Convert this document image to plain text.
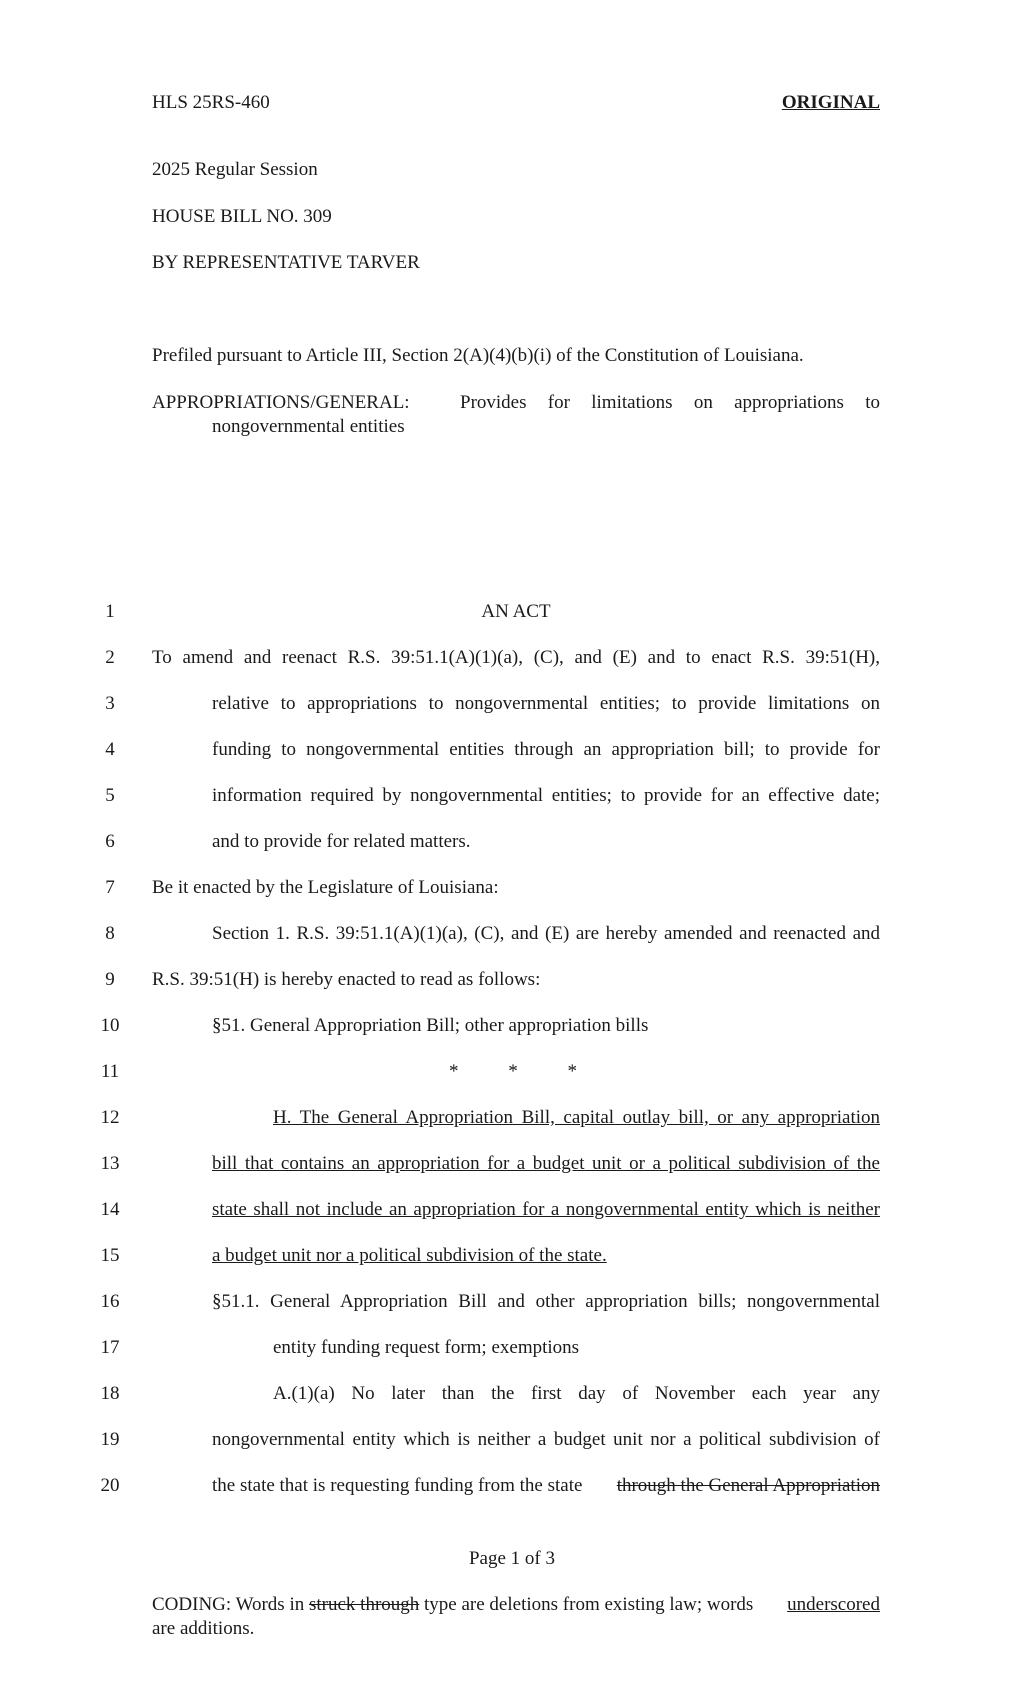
HLS 25RS-460	ORIGINAL
2025 Regular Session
HOUSE BILL NO. 309
BY REPRESENTATIVE TARVER
Prefiled pursuant to Article III, Section 2(A)(4)(b)(i) of the Constitution of Louisiana.
APPROPRIATIONS/GENERAL:	Provides for limitations on appropriations to
nongovernmental entities
1	AN ACT
2	To amend and reenact R.S. 39:51.1(A)(1)(a), (C), and (E) and to enact R.S. 39:51(H),
3	relative to appropriations to nongovernmental entities; to provide limitations on
4	funding to nongovernmental entities through an appropriation bill; to provide for
5	information required by nongovernmental entities; to provide for an effective date;
6	and to provide for related matters.
7	Be it enacted by the Legislature of Louisiana:
8	Section 1. R.S. 39:51.1(A)(1)(a), (C), and (E) are hereby amended and reenacted and
9	R.S. 39:51(H) is hereby enacted to read as follows:
10	§51. General Appropriation Bill; other appropriation bills
11	*	*	*
12	H. The General Appropriation Bill, capital outlay bill, or any appropriation
13	bill that contains an appropriation for a budget unit or a political subdivision of the
14	state shall not include an appropriation for a nongovernmental entity which is neither
15	a budget unit nor a political subdivision of the state.
16	§51.1. General Appropriation Bill and other appropriation bills; nongovernmental
17	entity funding request form; exemptions
18	A.(1)(a) No later than the first day of November each year any
19	nongovernmental entity which is neither a budget unit nor a political subdivision of
20	the state that is requesting funding from the state through the General Appropriation
Page 1 of 3
CODING: Words in struck through type are deletions from existing law; words underscored
are additions.
